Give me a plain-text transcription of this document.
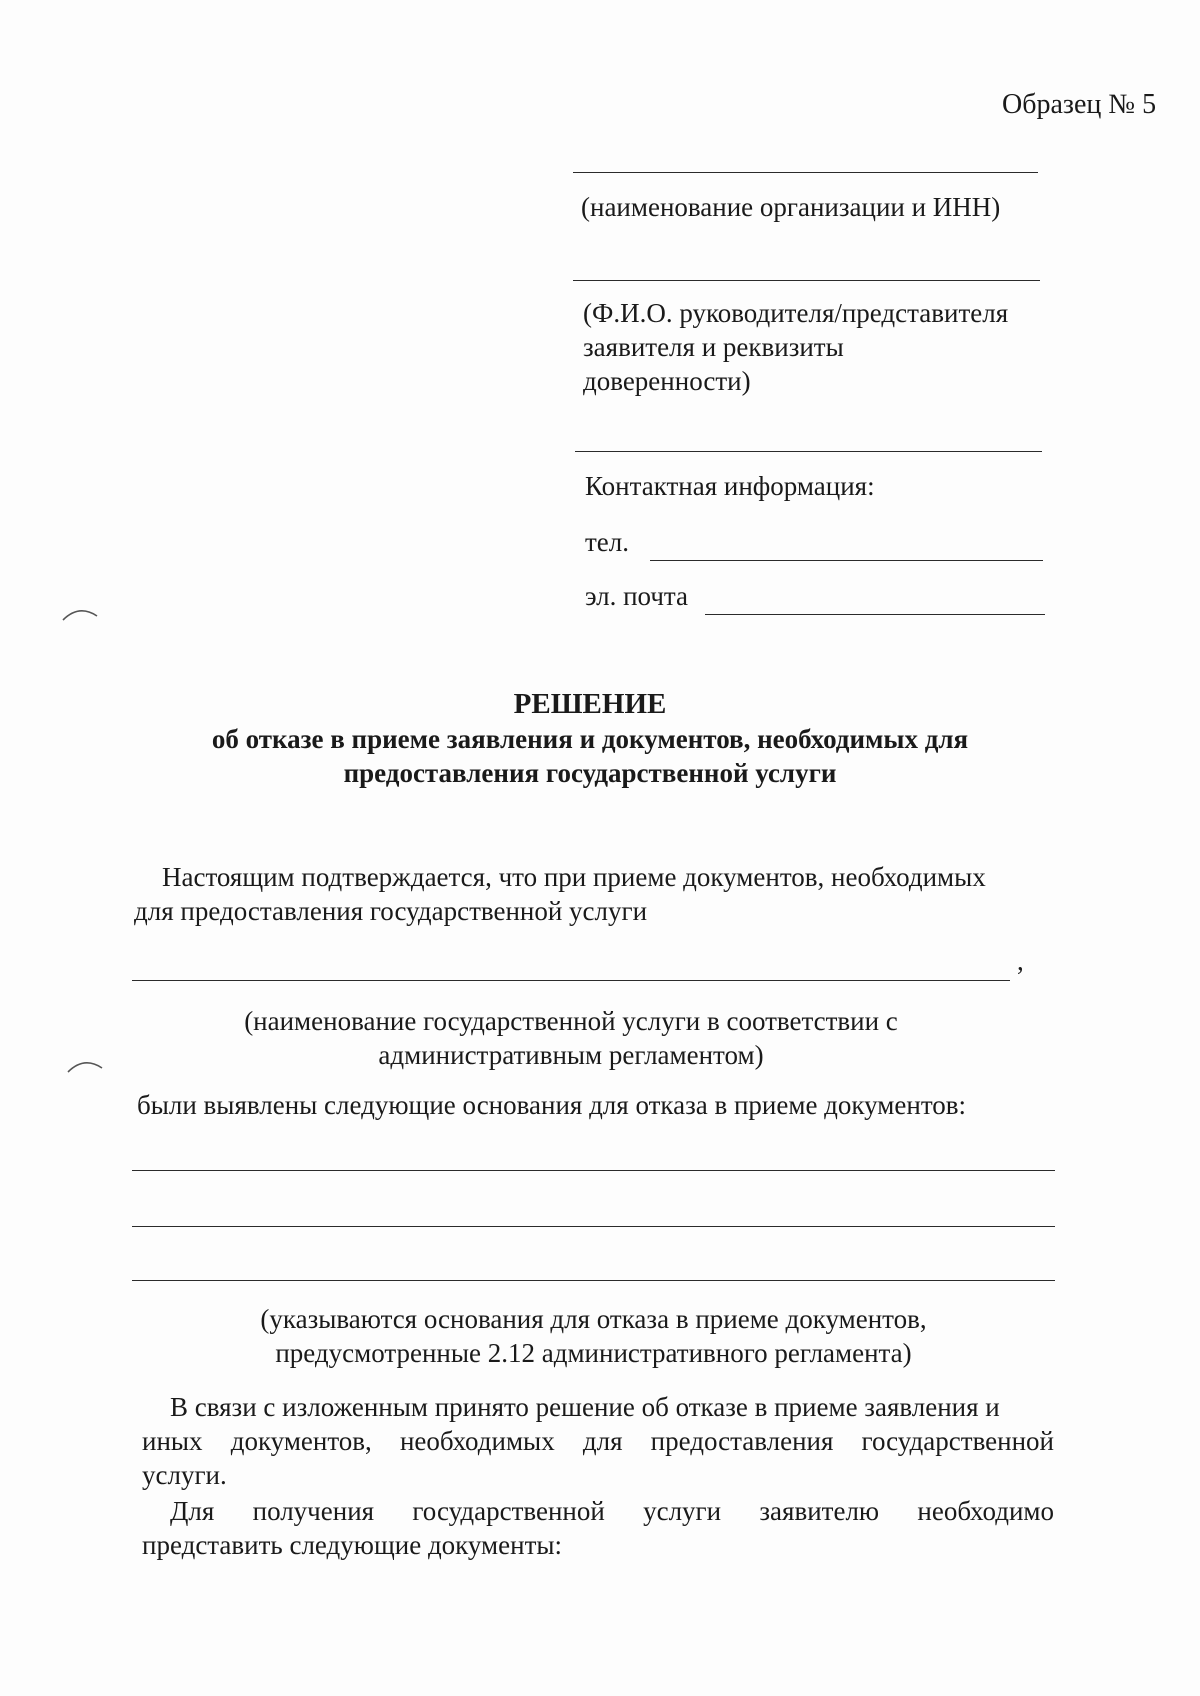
Образец № 5
(наименование организации и ИНН)
(Ф.И.О. руководителя/представителя
заявителя и реквизиты
доверенности)
Контактная информация:
тел.
эл. почта
РЕШЕНИЕ
об отказе в приеме заявления и документов, необходимых для
предоставления государственной услуги
Настоящим подтверждается, что при приеме документов, необходимых
для предоставления государственной услуги
,
(наименование государственной услуги в соответствии с
административным регламентом)
были выявлены следующие основания для отказа в приеме документов:
(указываются основания для отказа в приеме документов,
предусмотренные 2.12 административного регламента)
В связи с изложенным принято решение об отказе в приеме заявления и
иных документов, необходимых для предоставления государственной
услуги.
Для получения государственной услуги заявителю необходимо
представить следующие документы:
